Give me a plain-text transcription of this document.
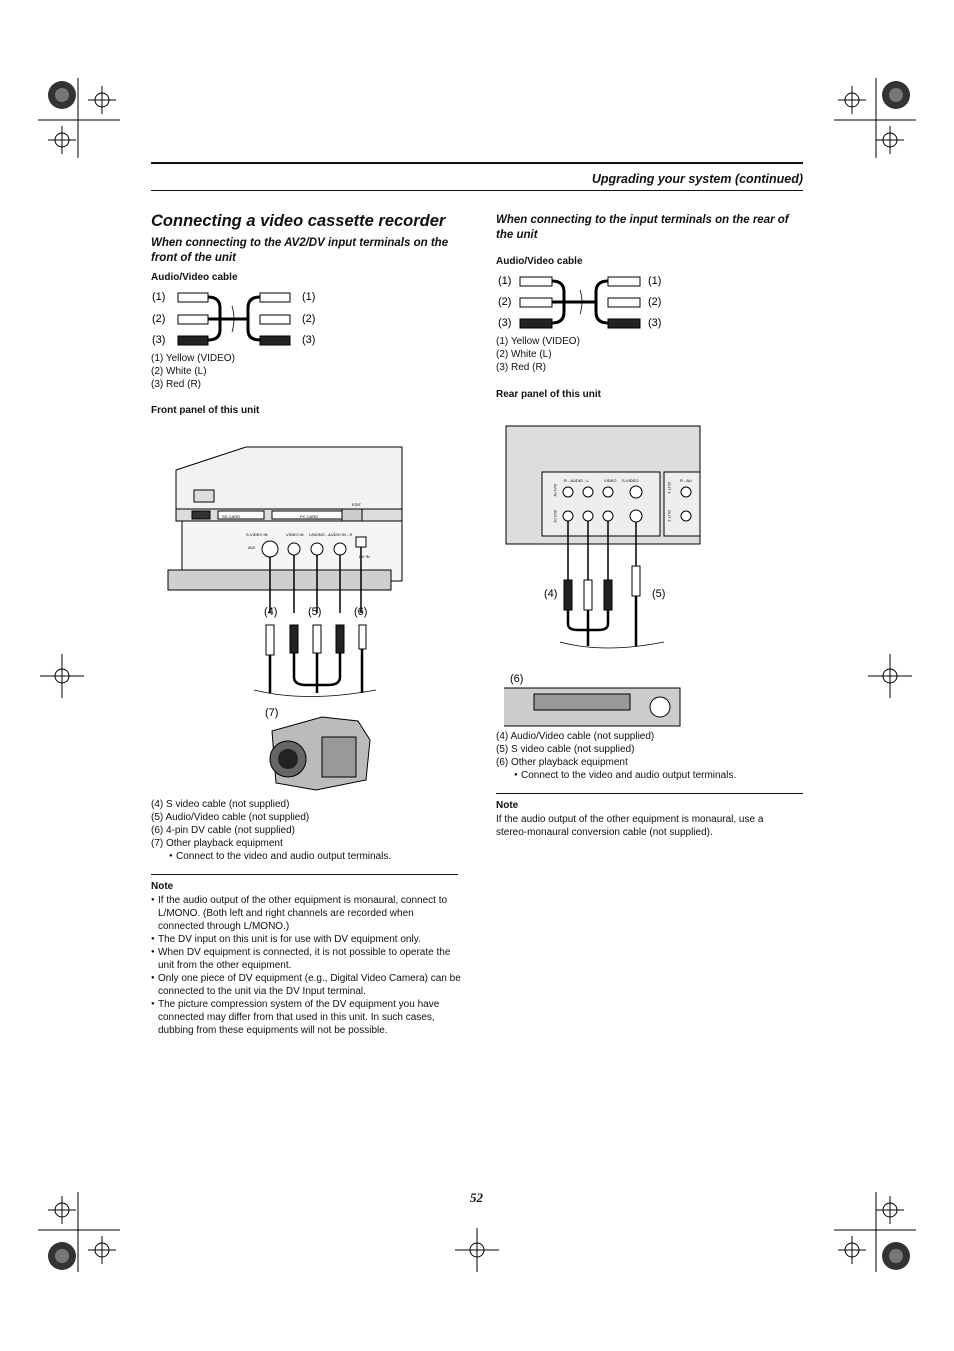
Upgrading your system (continued)
Connecting a video cassette recorder
When connecting to the AV2/DV input terminals on the front of the unit
Audio/Video cable
(1)
(2)
(3)
(1)
(2)
(3)
(1) Yellow (VIDEO)
(2) White (L)
(3) Red (R)
Front panel of this unit
SD CARD	PC CARD
EDIT
S-VIDEO IN	VIDEO IN L/MONO - AUDIO IN - R
AV2
DV IN
(4)	(5)	(6)
(7)
(4) S video cable (not supplied)
(5) Audio/Video cable (not supplied)
(6) 4-pin DV cable (not supplied)
(7) Other playback equipment
● Connect to the video and audio output terminals.
Note
● If the audio output of the other equipment is monaural, connect to L/MONO. (Both left and right channels are recorded when connected through L/MONO.)
● The DV input on this unit is for use with DV equipment only.
● When DV equipment is connected, it is not possible to operate the unit from the other equipment.
● Only one piece of DV equipment (e.g., Digital Video Camera) can be connected to the unit via the DV Input terminal.
● The picture compression system of the DV equipment you have connected may differ from that used in this unit. In such cases, dubbing from these equipments will not be possible.
When connecting to the input terminals on the rear of the unit
Audio/Video cable
(1)
(2)
(3)
(1)
(2)
(3)
(1) Yellow (VIDEO)
(2) White (L)
(3) Red (R)
Rear panel of this unit
AV1 IN
AV3 IN
R - AUDIO - L	VIDEO S-VIDEO
OUT 1
OUT 2
R - AU
(4)	(5)
(6)
(4) Audio/Video cable (not supplied)
(5) S video cable (not supplied)
(6) Other playback equipment
● Connect to the video and audio output terminals.
Note
If the audio output of the other equipment is monaural, use a stereo-monaural conversion cable (not supplied).
52
